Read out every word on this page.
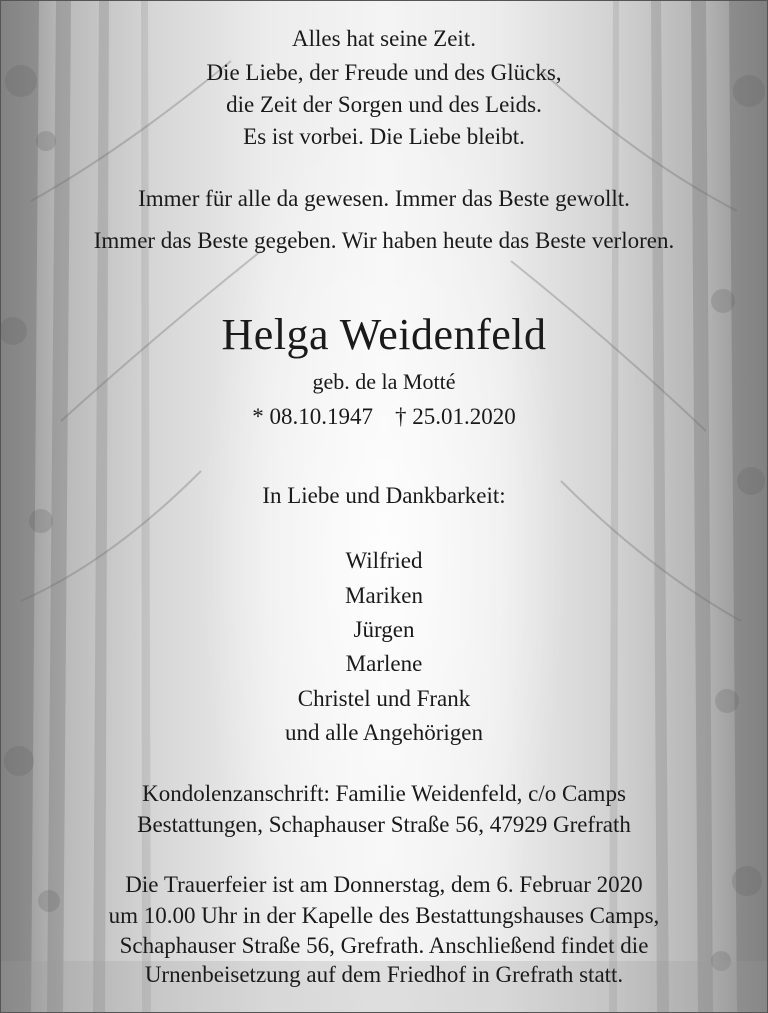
Alles hat seine Zeit.
Die Liebe, der Freude und des Glücks,
die Zeit der Sorgen und des Leids.
Es ist vorbei. Die Liebe bleibt.
Immer für alle da gewesen. Immer das Beste gewollt.
Immer das Beste gegeben. Wir haben heute das Beste verloren.
Helga Weidenfeld
geb. de la Motté
* 08.10.1947 † 25.01.2020
In Liebe und Dankbarkeit:
Wilfried
Mariken
Jürgen
Marlene
Christel und Frank
und alle Angehörigen
Kondolenzanschrift: Familie Weidenfeld, c/o Camps
Bestattungen, Schaphauser Straße 56, 47929 Grefrath
Die Trauerfeier ist am Donnerstag, dem 6. Februar 2020
um 10.00 Uhr in der Kapelle des Bestattungshauses Camps,
Schaphauser Straße 56, Grefrath. Anschließend findet die
Urnenbeisetzung auf dem Friedhof in Grefrath statt.
